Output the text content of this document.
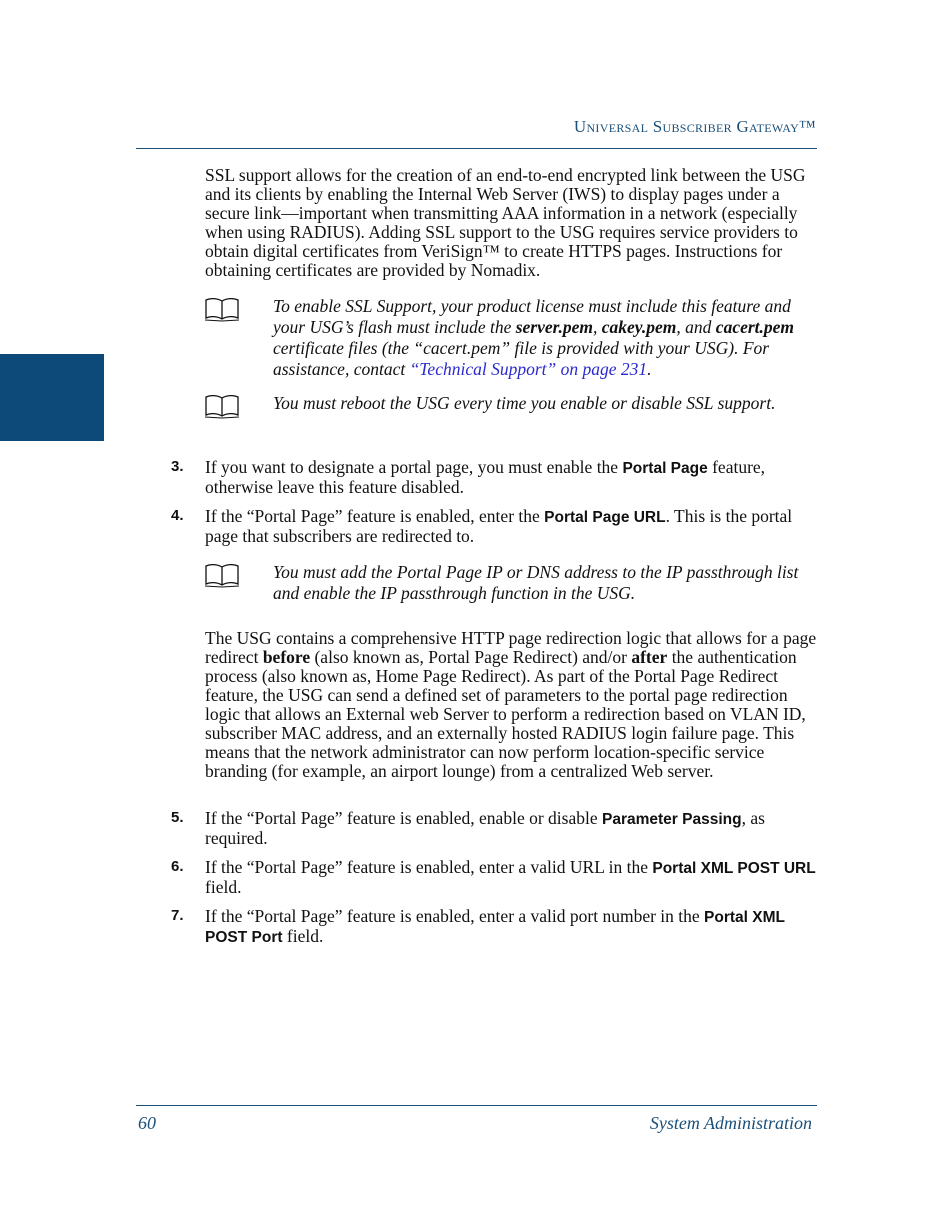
Universal Subscriber Gateway™

SSL support allows for the creation of an end-to-end encrypted link between the USG and its clients by enabling the Internal Web Server (IWS) to display pages under a secure link—important when transmitting AAA information in a network (especially when using RADIUS). Adding SSL support to the USG requires service providers to obtain digital certificates from VeriSign™ to create HTTPS pages. Instructions for obtaining certificates are provided by Nomadix.

To enable SSL Support, your product license must include this feature and your USG’s flash must include the server.pem, cakey.pem, and cacert.pem certificate files (the “cacert.pem” file is provided with your USG). For assistance, contact “Technical Support” on page 231.

You must reboot the USG every time you enable or disable SSL support.

3. If you want to designate a portal page, you must enable the Portal Page feature, otherwise leave this feature disabled.

4. If the “Portal Page” feature is enabled, enter the Portal Page URL. This is the portal page that subscribers are redirected to.

You must add the Portal Page IP or DNS address to the IP passthrough list and enable the IP passthrough function in the USG.

The USG contains a comprehensive HTTP page redirection logic that allows for a page redirect before (also known as, Portal Page Redirect) and/or after the authentication process (also known as, Home Page Redirect). As part of the Portal Page Redirect feature, the USG can send a defined set of parameters to the portal page redirection logic that allows an External web Server to perform a redirection based on VLAN ID, subscriber MAC address, and an externally hosted RADIUS login failure page. This means that the network administrator can now perform location-specific service branding (for example, an airport lounge) from a centralized Web server.

5. If the “Portal Page” feature is enabled, enable or disable Parameter Passing, as required.

6. If the “Portal Page” feature is enabled, enter a valid URL in the Portal XML POST URL field.

7. If the “Portal Page” feature is enabled, enter a valid port number in the Portal XML POST Port field.

60	System Administration
